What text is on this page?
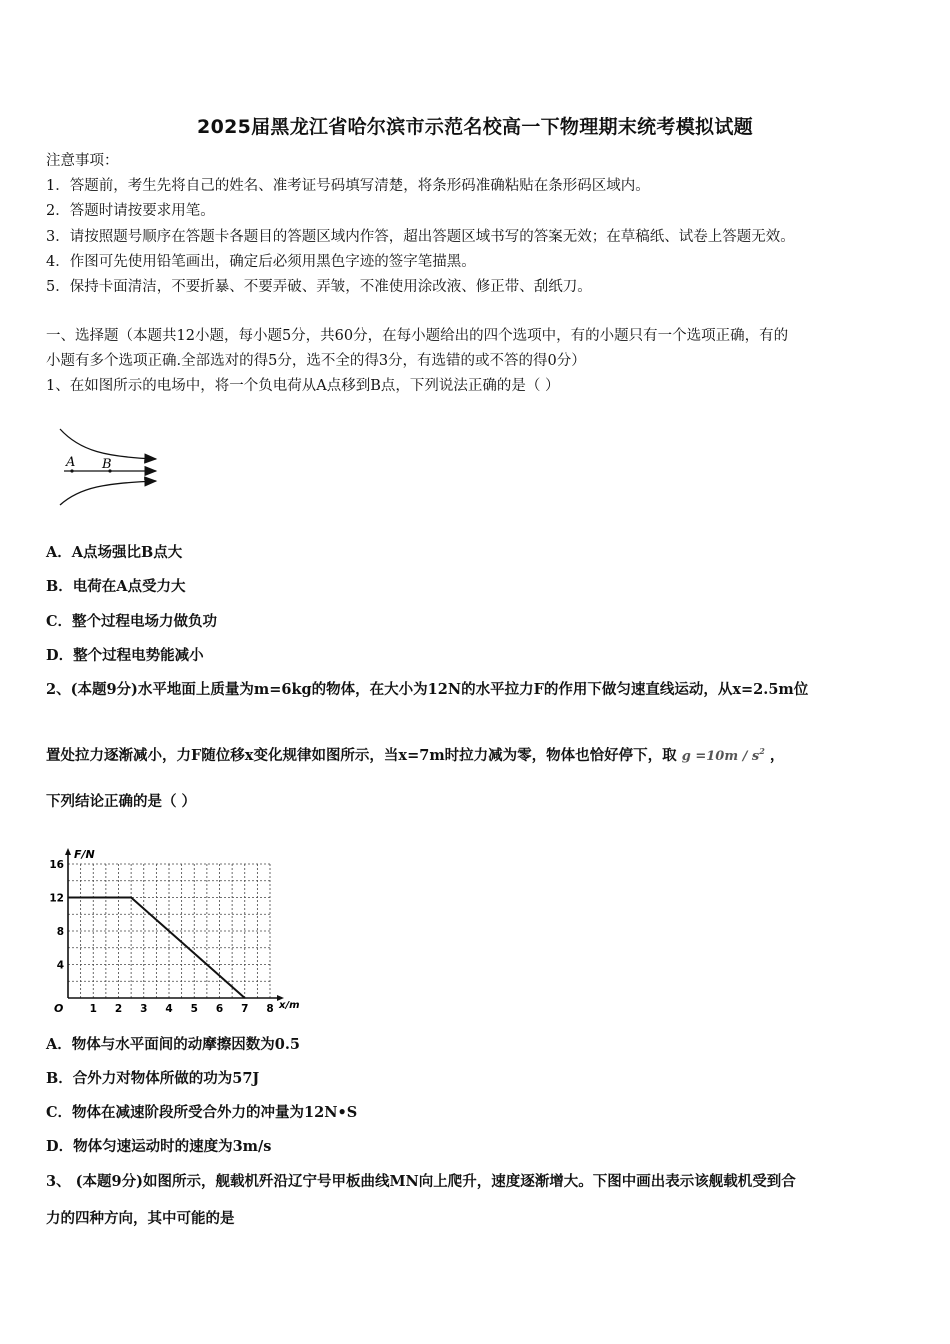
2025届黑龙江省哈尔滨市示范名校高一下物理期末统考模拟试题
注意事项：
1．答题前，考生先将自己的姓名、准考证号码填写清楚，将条形码准确粘贴在条形码区域内。
2．答题时请按要求用笔。
3．请按照题号顺序在答题卡各题目的答题区域内作答，超出答题区域书写的答案无效；在草稿纸、试卷上答题无效。
4．作图可先使用铅笔画出，确定后必须用黑色字迹的签字笔描黑。
5．保持卡面清洁，不要折暴、不要弄破、弄皱，不准使用涂改液、修正带、刮纸刀。
一、选择题（本题共12小题，每小题5分，共60分，在每小题给出的四个选项中，有的小题只有一个选项正确，有的
小题有多个选项正确.全部选对的得5分，选不全的得3分，有选错的或不答的得0分）
1、在如图所示的电场中，将一个负电荷从A点移到B点，下列说法正确的是（ ）
A B
A．A点场强比B点大
B．电荷在A点受力大
C．整个过程电场力做负功
D．整个过程电势能减小
2、(本题9分)水平地面上质量为m=6kg的物体，在大小为12N的水平拉力F的作用下做匀速直线运动，从x=2.5m位
置处拉力逐渐减小，力F随位移x变化规律如图所示，当x=7m时拉力减为零，物体也恰好停下，取 $g =10m / s^2$ ，
下列结论正确的是（ ）
F/N
x/m
O 1 2 3 4 5 6 7 8
4
8
12
16
A．物体与水平面间的动摩擦因数为0.5
B．合外力对物体所做的功为57J
C．物体在减速阶段所受合外力的冲量为12N•S
D．物体匀速运动时的速度为3m/s
3、 (本题9分)如图所示，舰载机歼沿辽宁号甲板曲线MN向上爬升，速度逐渐增大。下图中画出表示该舰载机受到合
力的四种方向，其中可能的是
